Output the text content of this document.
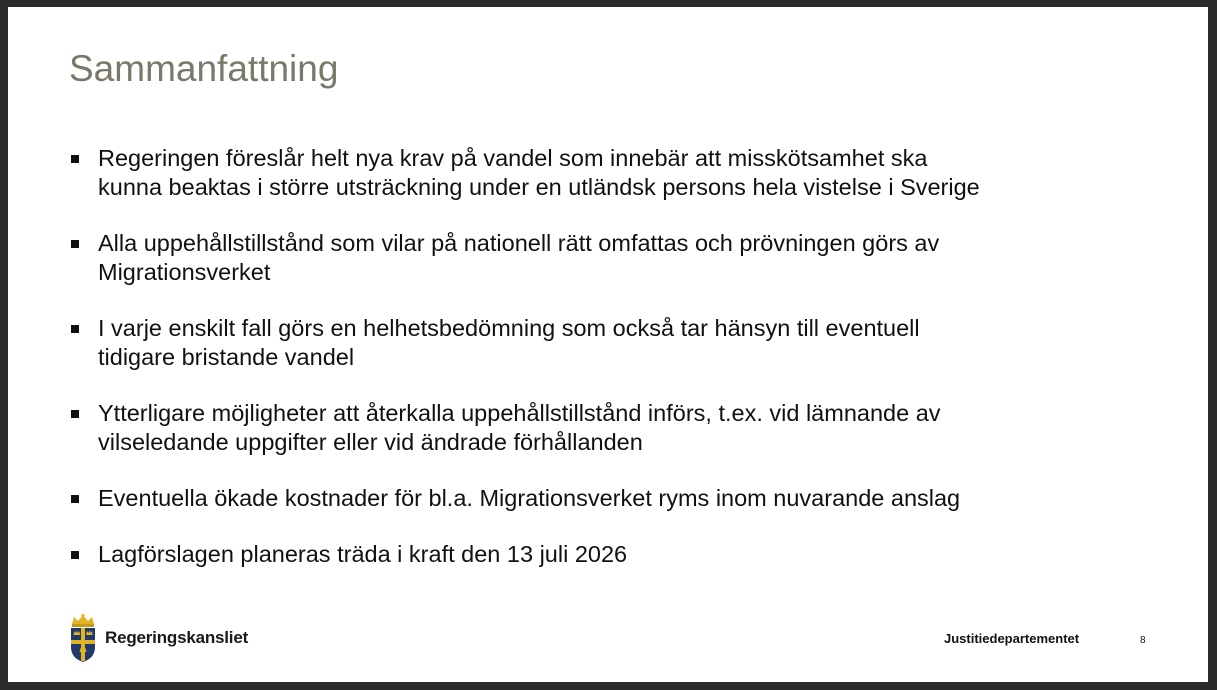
Sammanfattning
Regeringen föreslår helt nya krav på vandel som innebär att misskötsamhet ska
kunna beaktas i större utsträckning under en utländsk persons hela vistelse i Sverige
Alla uppehållstillstånd som vilar på nationell rätt omfattas och prövningen görs av
Migrationsverket
I varje enskilt fall görs en helhetsbedömning som också tar hänsyn till eventuell
tidigare bristande vandel
Ytterligare möjligheter att återkalla uppehållstillstånd införs, t.ex. vid lämnande av
vilseledande uppgifter eller vid ändrade förhållanden
Eventuella ökade kostnader för bl.a. Migrationsverket ryms inom nuvarande anslag
Lagförslagen planeras träda i kraft den 13 juli 2026
Regeringskansliet	Justitiedepartementet	8
